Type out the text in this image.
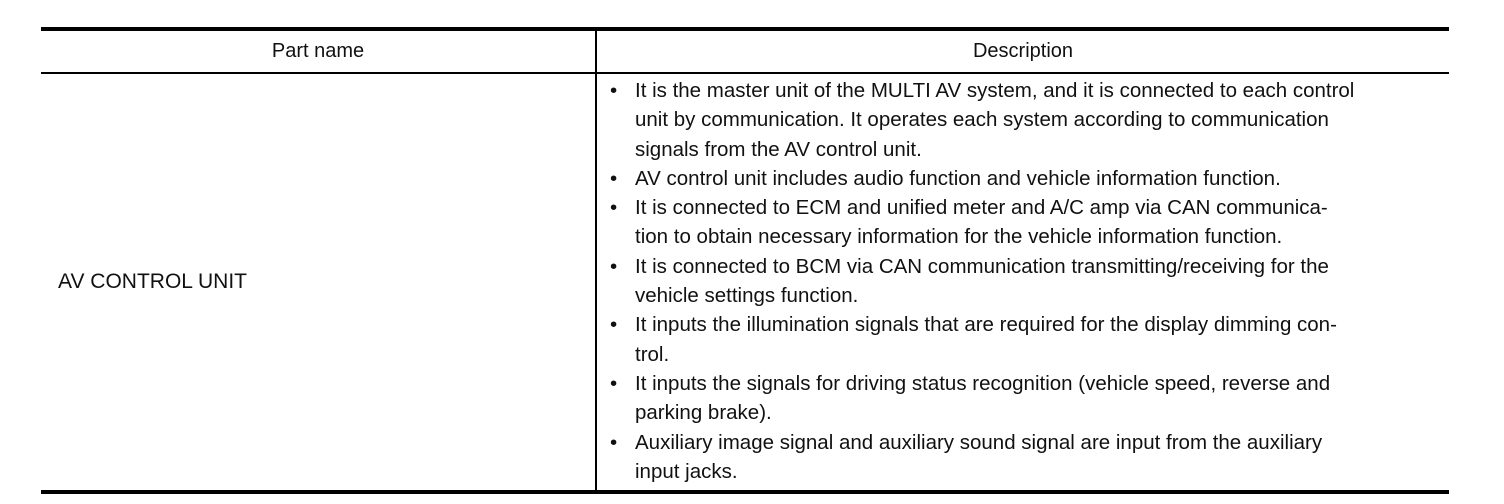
Part name	Description
AV CONTROL UNIT
• It is the master unit of the MULTI AV system, and it is connected to each control
unit by communication. It operates each system according to communication
signals from the AV control unit.
• AV control unit includes audio function and vehicle information function.
• It is connected to ECM and unified meter and A/C amp via CAN communica-
tion to obtain necessary information for the vehicle information function.
• It is connected to BCM via CAN communication transmitting/receiving for the
vehicle settings function.
• It inputs the illumination signals that are required for the display dimming con-
trol.
• It inputs the signals for driving status recognition (vehicle speed, reverse and
parking brake).
• Auxiliary image signal and auxiliary sound signal are input from the auxiliary
input jacks.
